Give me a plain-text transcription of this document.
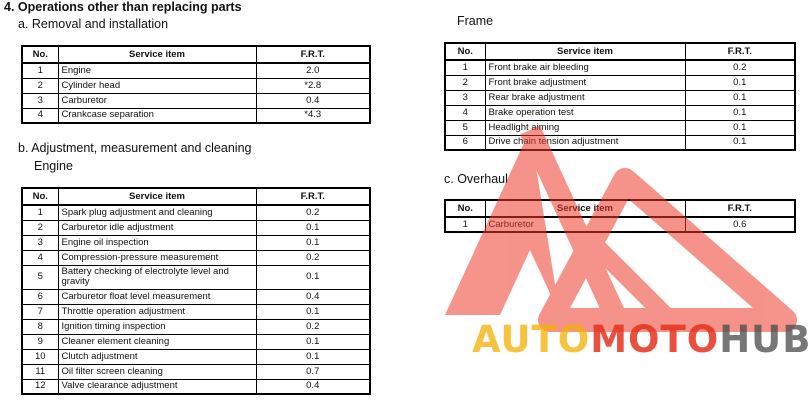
4. Operations other than replacing parts
a. Removal and installation
No.	Service item	F.R.T.
1	Engine	2.0
2	Cylinder head	*2.8
3	Carburetor	0.4
4	Crankcase separation	*4.3
b. Adjustment, measurement and cleaning
Engine
No.	Service item	F.R.T.
1	Spark plug adjustment and cleaning	0.2
2	Carburetor idle adjustment	0.1
3	Engine oil inspection	0.1
4	Compression-pressure measurement	0.2
5	Battery checking of electrolyte level and gravity	0.1
6	Carburetor float level measurement	0.4
7	Throttle operation adjustment	0.1
8	Ignition timing inspection	0.2
9	Cleaner element cleaning	0.1
10	Clutch adjustment	0.1
11	Oil filter screen cleaning	0.7
12	Valve clearance adjustment	0.4
Frame
No.	Service item	F.R.T.
1	Front brake air bleeding	0.2
2	Front brake adjustment	0.1
3	Rear brake adjustment	0.1
4	Brake operation test	0.1
5	Headlight aiming	0.1
6	Drive chain tension adjustment	0.1
c. Overhaul
No.	Service item	F.R.T.
1		0.6
AUTOMOTOHUB
